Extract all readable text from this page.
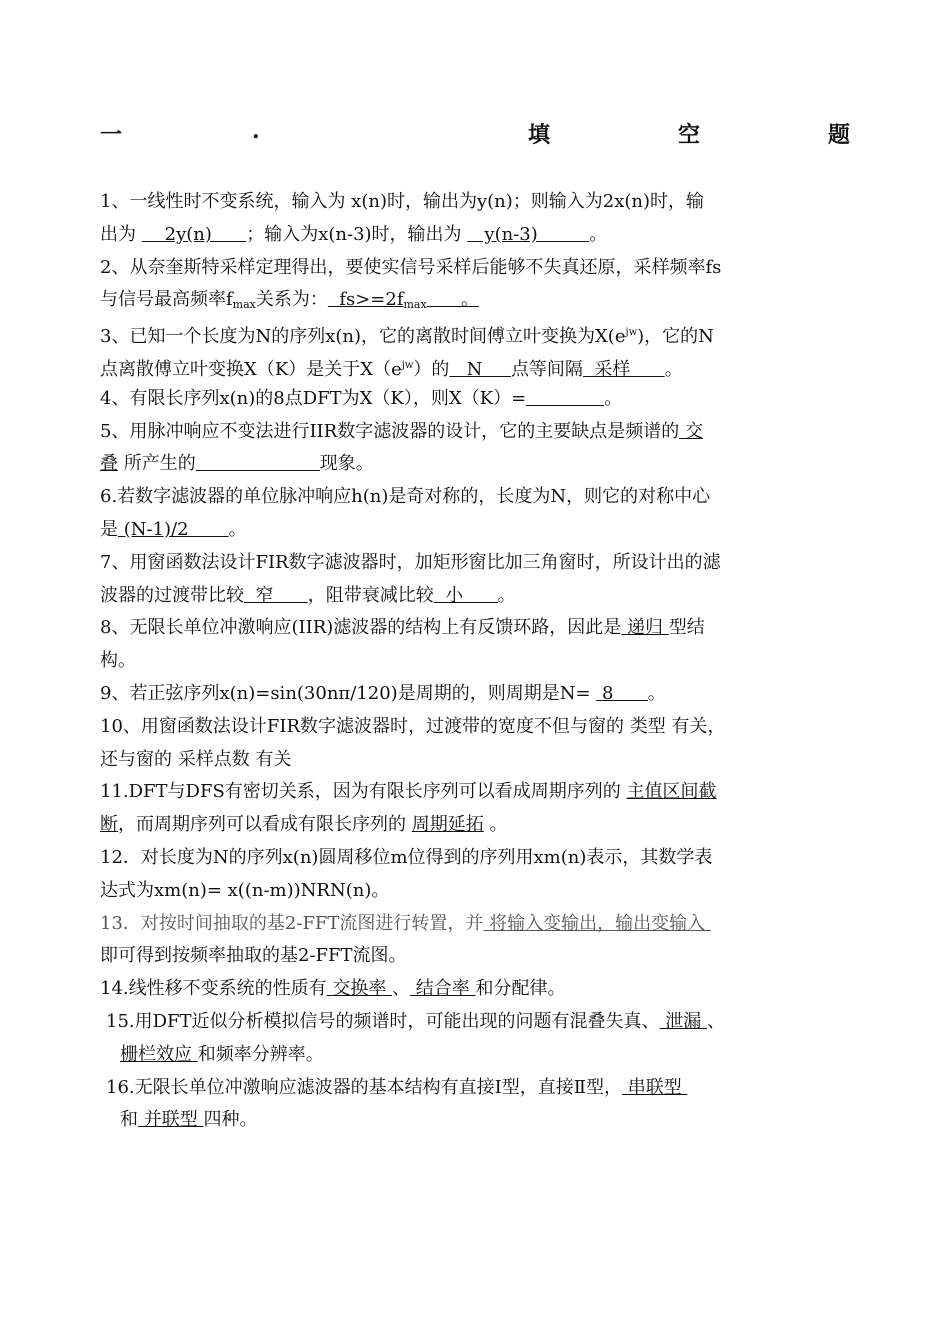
一	.	填	空	题
1、一线性时不变系统，输入为 x(n)时，输出为y(n)；则输入为2x(n)时，输
出为     2y(n)      ；输入为x(n-3)时，输出为    y(n-3)         。
2、从奈奎斯特采样定理得出，要使实信号采样后能够不失真还原，采样频率fs
与信号最高频率$f_{max}$关系为：  $fs>=2f_{max}$      。
3、已知一个长度为N的序列x(n)，它的离散时间傅立叶变换为$X(e^{jw})$，它的N
点离散傅立叶变换X（K）是关于$X(e^{jw})$的   N     点等间隔  采样      。
4、有限长序列x(n)的8点DFT为X（K），则X（K）=	。
5、用脉冲响应不变法进行IIR数字滤波器的设计，它的主要缺点是频谱的 交
叠 所产生的	现象。
6.若数字滤波器的单位脉冲响应h(n)是奇对称的，长度为N，则它的对称中心
是 (N-1)/2       。
7、用窗函数法设计FIR数字滤波器时，加矩形窗比加三角窗时，所设计出的滤
波器的过渡带比较  窄      ，阻带衰减比较  小      。
8、无限长单位冲激响应(IIR)滤波器的结构上有反馈环路，因此是 递归 型结
构。
9、若正弦序列x(n)=sin(30nπ/120)是周期的，则周期是N=  8      。
10、用窗函数法设计FIR数字滤波器时，过渡带的宽度不但与窗的 类型 有关，
还与窗的 采样点数 有关
11.DFT与DFS有密切关系，因为有限长序列可以看成周期序列的 主值区间截
断，而周期序列可以看成有限长序列的 周期延拓 。
12．对长度为N的序列x(n)圆周移位m位得到的序列用xm(n)表示，其数学表
达式为xm(n)= x((n-m))NRN(n)。
13．对按时间抽取的基2-FFT流图进行转置，并 将输入变输出，输出变输入
即可得到按频率抽取的基2-FFT流图。
14.线性移不变系统的性质有 交换率 、 结合率 和分配律。
15.用DFT近似分析模拟信号的频谱时，可能出现的问题有混叠失真、 泄漏 、
栅栏效应 和频率分辨率。
16.无限长单位冲激响应滤波器的基本结构有直接Ⅰ型，直接Ⅱ型， 串联型
和 并联型 四种。
